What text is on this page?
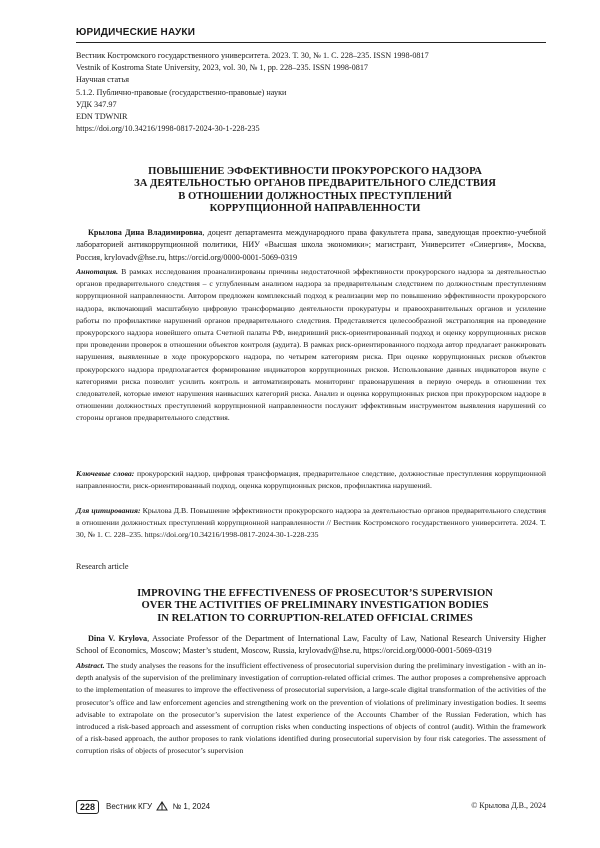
ЮРИДИЧЕСКИЕ НАУКИ
Вестник Костромского государственного университета. 2023. Т. 30, № 1. С. 228–235. ISSN 1998-0817
Vestnik of Kostroma State University, 2023, vol. 30, № 1, pp. 228–235. ISSN 1998-0817
Научная статья
5.1.2. Публично-правовые (государственно-правовые) науки
УДК 347.97
EDN TDWNIR
https://doi.org/10.34216/1998-0817-2024-30-1-228-235
ПОВЫШЕНИЕ ЭФФЕКТИВНОСТИ ПРОКУРОРСКОГО НАДЗОРА
ЗА ДЕЯТЕЛЬНОСТЬЮ ОРГАНОВ ПРЕДВАРИТЕЛЬНОГО СЛЕДСТВИЯ
В ОТНОШЕНИИ ДОЛЖНОСТНЫХ ПРЕСТУПЛЕНИЙ
КОРРУПЦИОННОЙ НАПРАВЛЕННОСТИ
Крылова Дина Владимировна, доцент департамента международного права факультета права, заведующая проектно-учебной лабораторией антикоррупционной политики, НИУ «Высшая школа экономики»; магистрант, Университет «Синергия», Москва, Россия, krylovadv@hse.ru, https://orcid.org/0000-0001-5069-0319
Аннотация. В рамках исследования проанализированы причины недостаточной эффективности прокурорского надзора за деятельностью органов предварительного следствия – с углубленным анализом надзора за предварительным следствием по должностным преступлениям коррупционной направленности. Автором предложен комплексный подход к реализации мер по повышению эффективности прокурорского надзора, включающий масштабную цифровую трансформацию деятельности прокуратуры и правоохранительных органов и усиление работы по профилактике нарушений органов предварительного следствия. Представляется целесообразной экстраполяция на проведение прокурорского надзора новейшего опыта Счетной палаты РФ, внедривший риск-ориентированный подход и оценку коррупционных рисков при проведении проверок в отношении объектов контроля (аудита). В рамках риск-ориентированного подхода автор предлагает ранжировать нарушения, выявленные в ходе прокурорского надзора, по четырем категориям риска. При оценке коррупционных рисков объектов прокурорского надзора предполагается формирование индикаторов коррупционных рисков. Использование данных индикаторов вкупе с категориями риска позволит усилить контроль и автоматизировать мониторинг правонарушения в первую очередь в отношении тех следователей, которые имеют нарушения наивысших категорий риска. Анализ и оценка коррупционных рисков при прокурорском надзоре в отношении должностных преступлений коррупционной направленности послужит эффективным инструментом выявления нарушений со стороны органов предварительного следствия.
Ключевые слова: прокурорский надзор, цифровая трансформация, предварительное следствие, должностные преступления коррупционной направленности, риск-ориентированный подход, оценка коррупционных рисков, профилактика нарушений.
Для цитирования: Крылова Д.В. Повышение эффективности прокурорского надзора за деятельностью органов предварительного следствия в отношении должностных преступлений коррупционной направленности // Вестник Костромского государственного университета. 2024. Т. 30, № 1. С. 228–235. https://doi.org/10.34216/1998-0817-2024-30-1-228-235
Research article
IMPROVING THE EFFECTIVENESS OF PROSECUTOR’S SUPERVISION
OVER THE ACTIVITIES OF PRELIMINARY INVESTIGATION BODIES
IN RELATION TO CORRUPTION-RELATED OFFICIAL CRIMES
Dina V. Krylova, Associate Professor of the Department of International Law, Faculty of Law, National Research University Higher School of Economics, Moscow; Master’s student, Moscow, Russia, krylovadv@hse.ru, https://orcid.org/0000-0001-5069-0319
Abstract. The study analyses the reasons for the insufficient effectiveness of prosecutorial supervision during the preliminary investigation - with an in-depth analysis of the supervision of the preliminary investigation of corruption-related official crimes. The author proposes a comprehensive approach to the implementation of measures to improve the effectiveness of prosecutorial supervision, a large-scale digital transformation of the activities of the prosecutor’s office and law enforcement agencies and strengthening work on the prevention of violations of preliminary investigation bodies. It seems advisable to extrapolate on the prosecutor’s supervision the latest experience of the Accounts Chamber of the Russian Federation, which has introduced a risk-based approach and assessment of corruption risks when conducting inspections of objects of control (audit). Within the framework of a risk-based approach, the author proposes to rank violations identified during prosecutorial supervision by four risk categories. The assessment of corruption risks of objects of prosecutor’s supervision
228	Вестник КГУ	№ 1, 2024	© Крылова Д.В., 2024
